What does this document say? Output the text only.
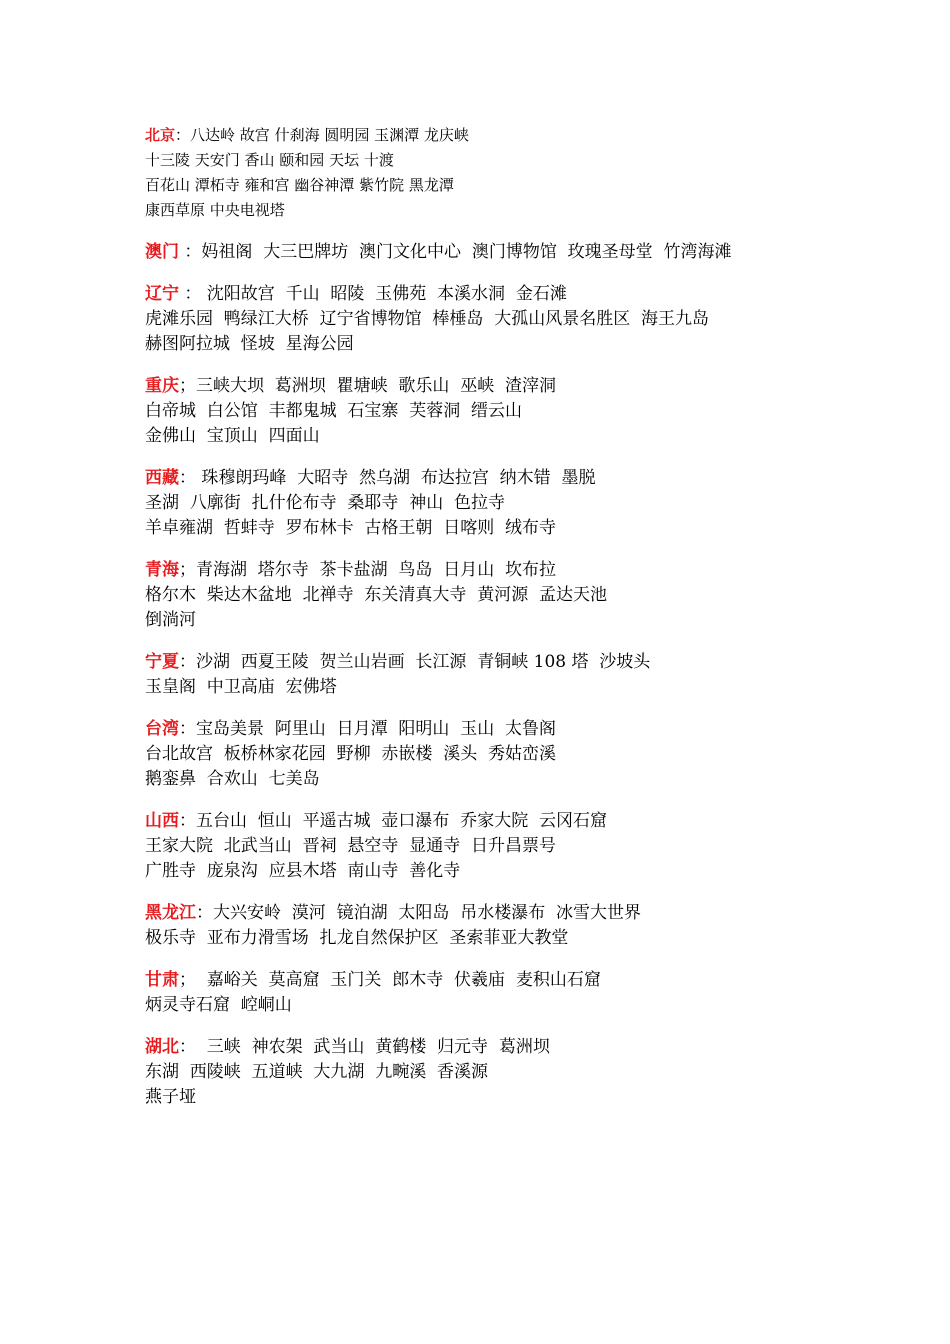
北京：八达岭 故宫 什刹海 圆明园 玉渊潭 龙庆峡
十三陵 天安门 香山 颐和园 天坛 十渡
百花山 潭柘寺 雍和宫 幽谷神潭 紫竹院 黑龙潭
康西草原 中央电视塔
澳门 ：妈祖阁  大三巴牌坊  澳门文化中心  澳门博物馆  玫瑰圣母堂  竹湾海滩
辽宁 ： 沈阳故宫  千山  昭陵  玉佛苑  本溪水洞  金石滩
虎滩乐园  鸭绿江大桥  辽宁省博物馆  棒棰岛  大孤山风景名胜区  海王九岛
赫图阿拉城  怪坡  星海公园
重庆；三峡大坝  葛洲坝  瞿塘峡  歌乐山  巫峡  渣滓洞
白帝城  白公馆  丰都鬼城  石宝寨  芙蓉洞  缙云山
金佛山  宝顶山  四面山
西藏： 珠穆朗玛峰  大昭寺  然乌湖  布达拉宫  纳木错  墨脱
圣湖  八廓街  扎什伦布寺  桑耶寺  神山  色拉寺
羊卓雍湖  哲蚌寺  罗布林卡  古格王朝  日喀则  绒布寺
青海；青海湖  塔尔寺  茶卡盐湖  鸟岛  日月山  坎布拉
格尔木  柴达木盆地  北禅寺  东关清真大寺  黄河源  孟达天池
倒淌河
宁夏：沙湖  西夏王陵  贺兰山岩画  长江源  青铜峡 108 塔  沙坡头
玉皇阁  中卫高庙  宏佛塔
台湾：宝岛美景  阿里山  日月潭  阳明山  玉山  太鲁阁
台北故宫  板桥林家花园  野柳  赤嵌楼  溪头  秀姑峦溪
鹅銮鼻  合欢山  七美岛
山西：五台山  恒山  平遥古城  壶口瀑布  乔家大院  云冈石窟
王家大院  北武当山  晋祠  悬空寺  显通寺  日升昌票号
广胜寺  庞泉沟  应县木塔  南山寺  善化寺
黑龙江：大兴安岭  漠河  镜泊湖  太阳岛  吊水楼瀑布  冰雪大世界
极乐寺  亚布力滑雪场  扎龙自然保护区  圣索菲亚大教堂
甘肃；  嘉峪关  莫高窟  玉门关  郎木寺  伏羲庙  麦积山石窟
炳灵寺石窟  崆峒山
湖北：  三峡  神农架  武当山  黄鹤楼  归元寺  葛洲坝
东湖  西陵峡  五道峡  大九湖  九畹溪  香溪源
燕子垭
